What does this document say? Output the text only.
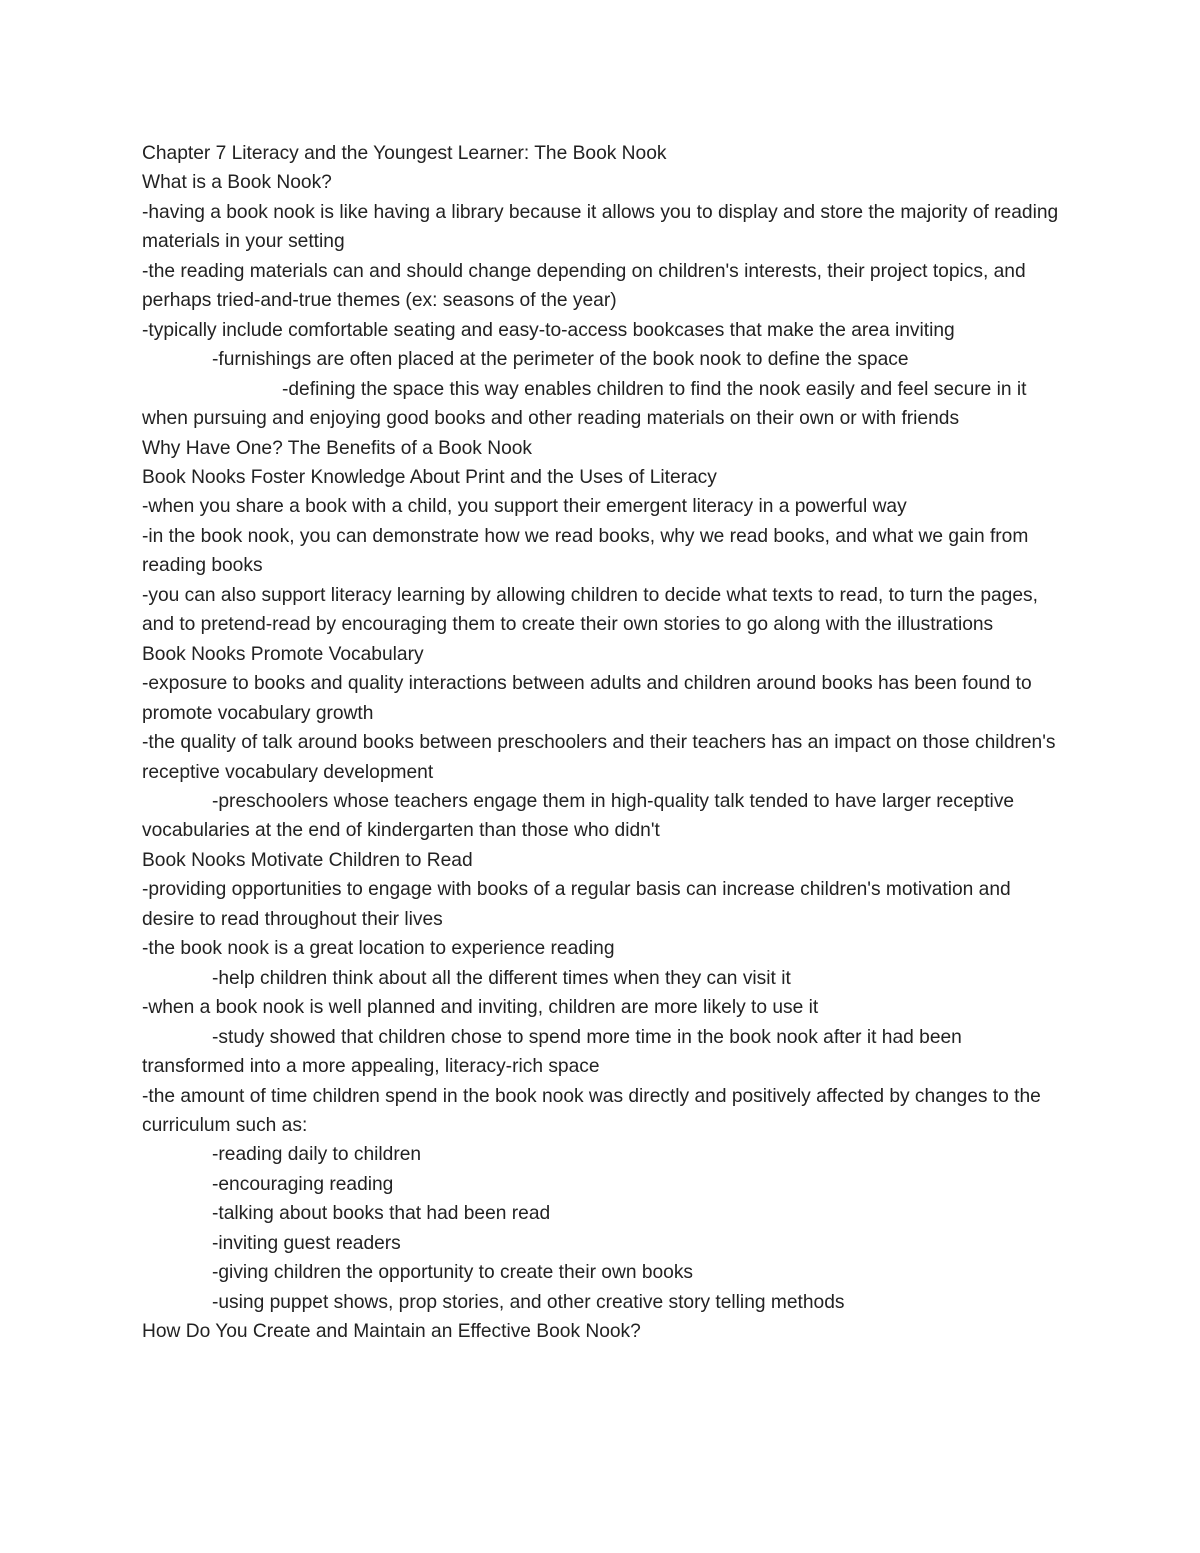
Chapter 7 Literacy and the Youngest Learner: The Book Nook

What is a Book Nook?

-having a book nook is like having a library because it allows you to display and store the majority of reading materials in your setting

-the reading materials can and should change depending on children's interests, their project topics, and perhaps tried-and-true themes (ex: seasons of the year)

-typically include comfortable seating and easy-to-access bookcases that make the area inviting

-furnishings are often placed at the perimeter of the book nook to define the space

-defining the space this way enables children to find the nook easily and feel secure in it when pursuing and enjoying good books and other reading materials on their own or with friends

Why Have One? The Benefits of a Book Nook

Book Nooks Foster Knowledge About Print and the Uses of Literacy

-when you share a book with a child, you support their emergent literacy in a powerful way

-in the book nook, you can demonstrate how we read books, why we read books, and what we gain from reading books

-you can also support literacy learning by allowing children to decide what texts to read, to turn the pages, and to pretend-read by encouraging them to create their own stories to go along with the illustrations

Book Nooks Promote Vocabulary

-exposure to books and quality interactions between adults and children around books has been found to promote vocabulary growth

-the quality of talk around books between preschoolers and their teachers has an impact on those children's receptive vocabulary development

-preschoolers whose teachers engage them in high-quality talk tended to have larger receptive vocabularies at the end of kindergarten than those who didn't

Book Nooks Motivate Children to Read

-providing opportunities to engage with books of a regular basis can increase children's motivation and desire to read throughout their lives

-the book nook is a great location to experience reading

-help children think about all the different times when they can visit it

-when a book nook is well planned and inviting, children are more likely to use it

-study showed that children chose to spend more time in the book nook after it had been transformed into a more appealing, literacy-rich space

-the amount of time children spend in the book nook was directly and positively affected by changes to the curriculum such as:

-reading daily to children

-encouraging reading

-talking about books that had been read

-inviting guest readers

-giving children the opportunity to create their own books

-using puppet shows, prop stories, and other creative story telling methods

How Do You Create and Maintain an Effective Book Nook?
